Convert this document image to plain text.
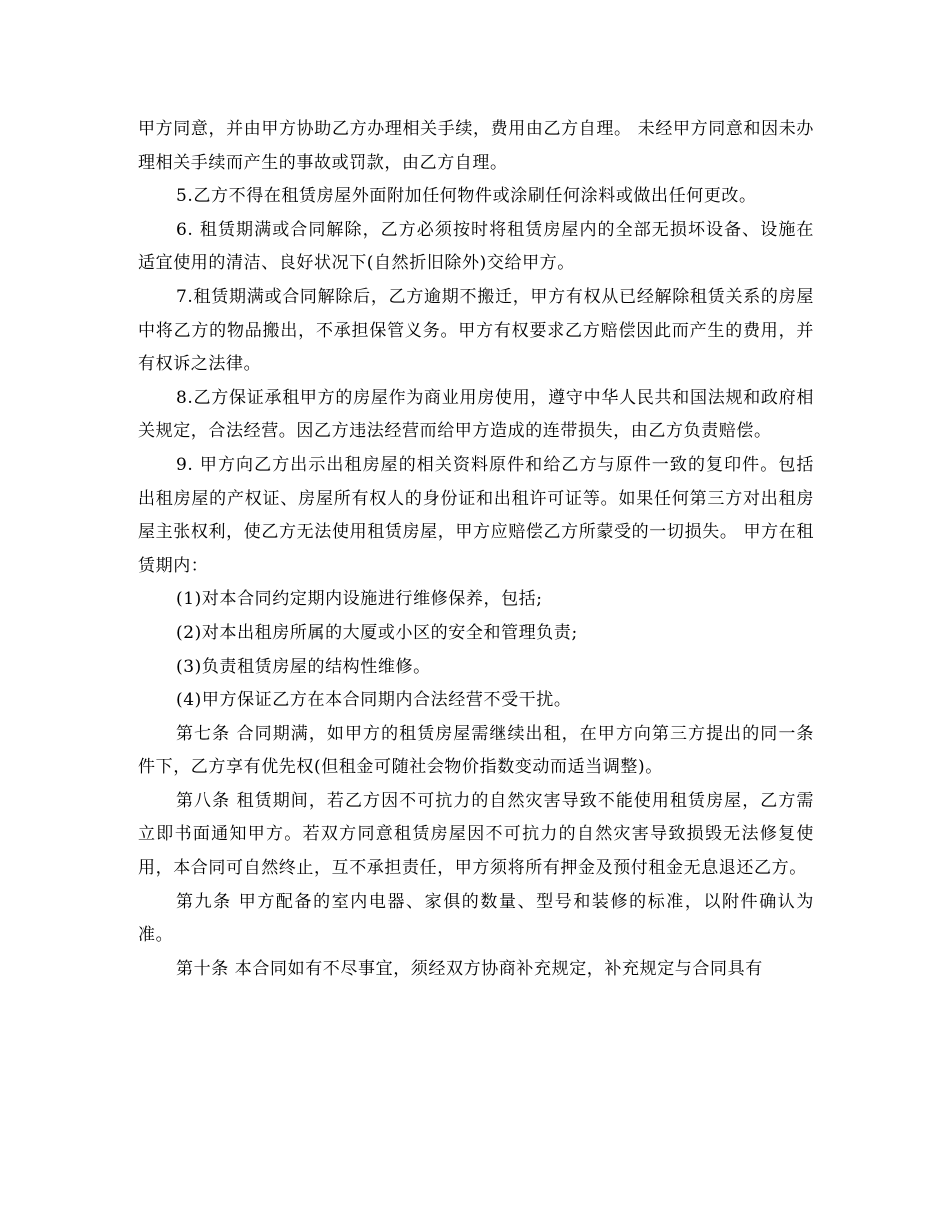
甲方同意，并由甲方协助乙方办理相关手续，费用由乙方自理。 未经甲方同意和因未办理相关手续而产生的事故或罚款，由乙方自理。

5.乙方不得在租赁房屋外面附加任何物件或涂刷任何涂料或做出任何更改。

6. 租赁期满或合同解除，乙方必须按时将租赁房屋内的全部无损坏设备、设施在适宜使用的清洁、良好状况下(自然折旧除外)交给甲方。

7.租赁期满或合同解除后，乙方逾期不搬迁，甲方有权从已经解除租赁关系的房屋中将乙方的物品搬出，不承担保管义务。甲方有权要求乙方赔偿因此而产生的费用，并有权诉之法律。

8.乙方保证承租甲方的房屋作为商业用房使用，遵守中华人民共和国法规和政府相关规定，合法经营。因乙方违法经营而给甲方造成的连带损失，由乙方负责赔偿。

9. 甲方向乙方出示出租房屋的相关资料原件和给乙方与原件一致的复印件。包括出租房屋的产权证、房屋所有权人的身份证和出租许可证等。如果任何第三方对出租房屋主张权利，使乙方无法使用租赁房屋，甲方应赔偿乙方所蒙受的一切损失。 甲方在租赁期内：

(1)对本合同约定期内设施进行维修保养，包括;

(2)对本出租房所属的大厦或小区的安全和管理负责;

(3)负责租赁房屋的结构性维修。

(4)甲方保证乙方在本合同期内合法经营不受干扰。

第七条 合同期满，如甲方的租赁房屋需继续出租，在甲方向第三方提出的同一条件下，乙方享有优先权(但租金可随社会物价指数变动而适当调整)。

第八条 租赁期间，若乙方因不可抗力的自然灾害导致不能使用租赁房屋，乙方需立即书面通知甲方。若双方同意租赁房屋因不可抗力的自然灾害导致损毁无法修复使用，本合同可自然终止，互不承担责任，甲方须将所有押金及预付租金无息退还乙方。

第九条 甲方配备的室内电器、家俱的数量、型号和装修的标准，以附件确认为准。

第十条 本合同如有不尽事宜，须经双方协商补充规定，补充规定与合同具有
